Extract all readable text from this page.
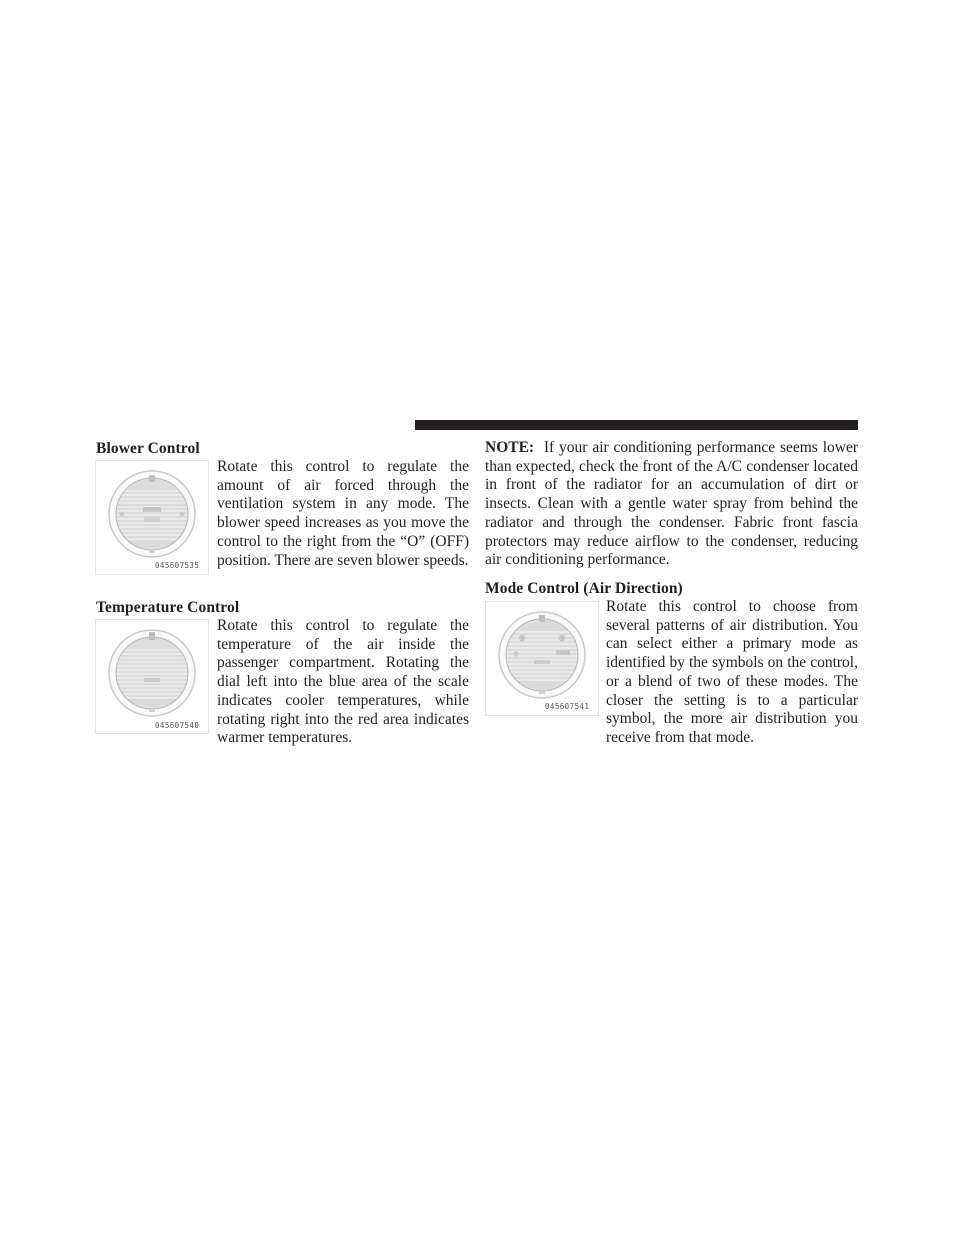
Blower Control
045607535

Rotate this control to regulate the amount of air forced through the ventilation system in any mode. The blower speed increases as you move the control to the right from the “O” (OFF) position. There are seven blower speeds.

Temperature Control
045607540

Rotate this control to regulate the temperature of the air inside the passenger compartment. Rotating the dial left into the blue area of the scale indicates cooler temperatures, while rotating right into the red area indicates warmer temperatures.

NOTE: If your air conditioning performance seems lower than expected, check the front of the A/C condenser located in front of the radiator for an accumulation of dirt or insects. Clean with a gentle water spray from behind the radiator and through the condenser. Fabric front fascia protectors may reduce airflow to the condenser, reducing air conditioning performance.

Mode Control (Air Direction)
045607541

Rotate this control to choose from several patterns of air distribution. You can select either a primary mode as identified by the symbols on the control, or a blend of two of these modes. The closer the setting is to a particular symbol, the more air distribution you receive from that mode.
